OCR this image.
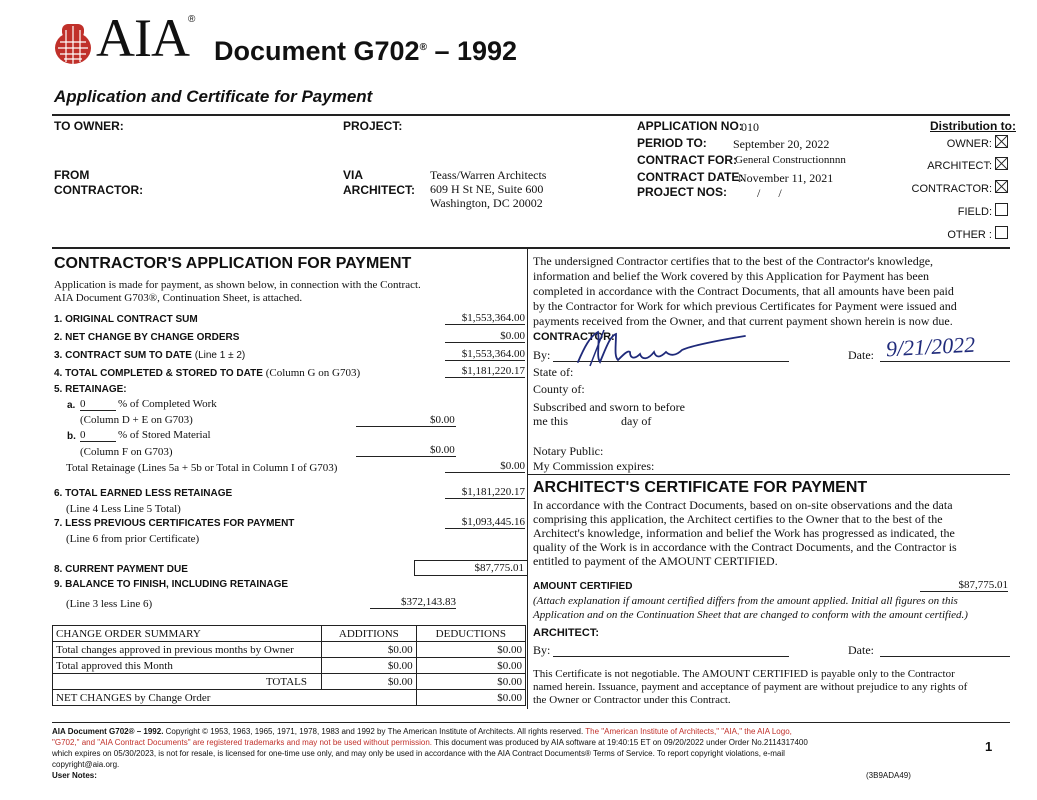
AIA ®
Document G702® – 1992
Application and Certificate for Payment
TO OWNER:	PROJECT:
FROM
CONTRACTOR:
VIA
ARCHITECT:
Teass/Warren Architects
609 H St NE, Suite 600
Washington, DC 20002
APPLICATION NO:
010
PERIOD TO: September 20, 2022
CONTRACT FOR:
General Constructionnnn
CONTRACT DATE:
November 11, 2021
PROJECT NOS: /      /
Distribution to:
OWNER:
ARCHITECT:
CONTRACTOR:
FIELD:
OTHER :
CONTRACTOR'S APPLICATION FOR PAYMENT
Application is made for payment, as shown below, in connection with the Contract.
AIA Document G703®, Continuation Sheet, is attached.
1. ORIGINAL CONTRACT SUM	$1,553,364.00
2. NET CHANGE BY CHANGE ORDERS	$0.00
3. CONTRACT SUM TO DATE (Line 1 ± 2)	$1,553,364.00
4. TOTAL COMPLETED & STORED TO DATE (Column G on G703)	$1,181,220.17
5. RETAINAGE:
a. 0	% of Completed Work
(Column D + E on G703)	$0.00
b. 0	% of Stored Material
(Column F on G703)	$0.00
Total Retainage (Lines 5a + 5b or Total in Column I of G703)	$0.00
6. TOTAL EARNED LESS RETAINAGE	$1,181,220.17
(Line 4 Less Line 5 Total)
7. LESS PREVIOUS CERTIFICATES FOR PAYMENT	$1,093,445.16
(Line 6 from prior Certificate)
8. CURRENT PAYMENT DUE	$87,775.01
9. BALANCE TO FINISH, INCLUDING RETAINAGE
(Line 3 less Line 6)	$372,143.83
CHANGE ORDER SUMMARY	ADDITIONS	DEDUCTIONS
Total changes approved in previous months by Owner	$0.00	$0.00
Total approved this Month	$0.00	$0.00
TOTALS	$0.00	$0.00
NET CHANGES by Change Order		$0.00
The undersigned Contractor certifies that to the best of the Contractor's knowledge,
information and belief the Work covered by this Application for Payment has been
completed in accordance with the Contract Documents, that all amounts have been paid
by the Contractor for Work for which previous Certificates for Payment were issued and
payments received from the Owner, and that current payment shown herein is now due.
CONTRACTOR:
By:	Date: 9/21/2022
State of:
County of:
Subscribed and sworn to before
me this	day of
Notary Public:
My Commission expires:
ARCHITECT'S CERTIFICATE FOR PAYMENT
In accordance with the Contract Documents, based on on-site observations and the data
comprising this application, the Architect certifies to the Owner that to the best of the
Architect's knowledge, information and belief the Work has progressed as indicated, the
quality of the Work is in accordance with the Contract Documents, and the Contractor is
entitled to payment of the AMOUNT CERTIFIED.
AMOUNT CERTIFIED	$87,775.01
(Attach explanation if amount certified differs from the amount applied. Initial all figures on this
Application and on the Continuation Sheet that are changed to conform with the amount certified.)
ARCHITECT:
By:	Date:
This Certificate is not negotiable. The AMOUNT CERTIFIED is payable only to the Contractor
named herein. Issuance, payment and acceptance of payment are without prejudice to any rights of
the Owner or Contractor under this Contract.
AIA Document G702® – 1992. Copyright © 1953, 1963, 1965, 1971, 1978, 1983 and 1992 by The American Institute of Architects. All rights reserved. The "American Institute of Architects," "AIA," the AIA Logo,
"G702," and "AIA Contract Documents" are registered trademarks and may not be used without permission. This document was produced by AIA software at 19:40:15 ET on 09/20/2022 under Order No.2114317400
which expires on 05/30/2023, is not for resale, is licensed for one-time use only, and may only be used in accordance with the AIA Contract Documents® Terms of Service. To report copyright violations, e-mail
copyright@aia.org.
User Notes:
1
(3B9ADA49)
